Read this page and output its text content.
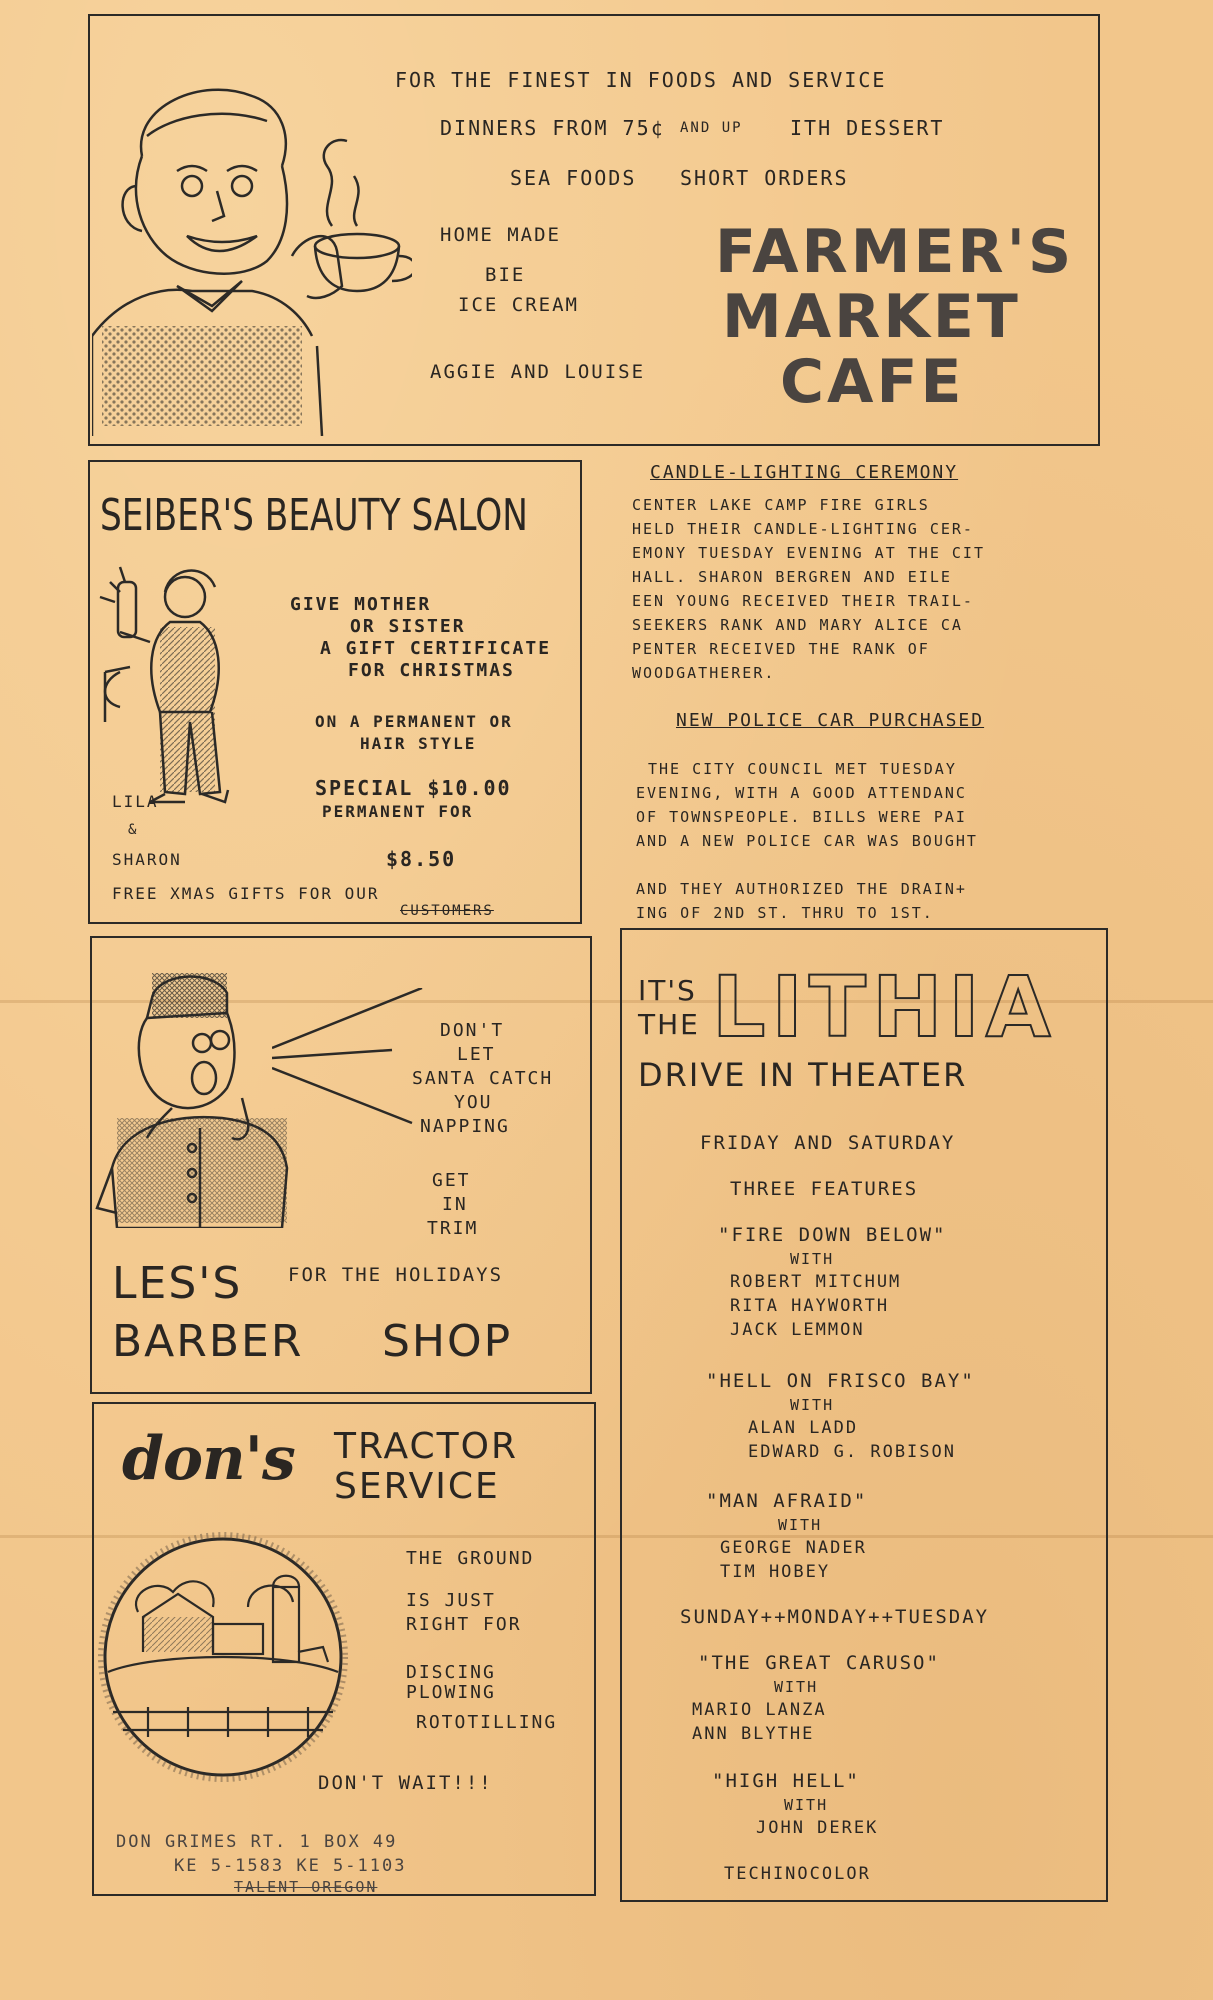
FOR THE FINEST IN FOODS AND SERVICE
DINNERS FROM 75¢ AND UP ITH DESSERT
SEA FOODS SHORT ORDERS
HOME MADE
BIE
ICE CREAM
AGGIE AND LOUISE
FARMER'S
MARKET
CAFE
SEIBER'S BEAUTY SALON
GIVE MOTHER
OR SISTER
A GIFT CERTIFICATE
FOR CHRISTMAS
ON A PERMANENT OR
HAIR STYLE
SPECIAL $10.00
PERMANENT FOR
$8.50
LILA
&
SHARON
FREE XMAS GIFTS FOR OUR
CUSTOMERS
CANDLE-LIGHTING CEREMONY
CENTER LAKE CAMP FIRE GIRLS
HELD THEIR CANDLE-LIGHTING CER-
EMONY TUESDAY EVENING AT THE CIT
HALL. SHARON BERGREN AND EILE
EEN YOUNG RECEIVED THEIR TRAIL-
SEEKERS RANK AND MARY ALICE CA
PENTER RECEIVED THE RANK OF
WOODGATHERER.
NEW POLICE CAR PURCHASED
THE CITY COUNCIL MET TUESDAY
EVENING, WITH A GOOD ATTENDANC
OF TOWNSPEOPLE. BILLS WERE PAI
AND A NEW POLICE CAR WAS BOUGHT
AND THEY AUTHORIZED THE DRAIN+
ING OF 2ND ST. THRU TO 1ST.
DON'T
LET
SANTA CATCH
YOU
NAPPING
GET
IN
TRIM
FOR THE HOLIDAYS
LES'S
BARBER SHOP
don's TRACTOR
SERVICE
THE GROUND
IS JUST
RIGHT FOR
DISCING
PLOWING
ROTOTILLING
DON'T WAIT!!!
DON GRIMES RT. 1 BOX 49
KE 5-1583 KE 5-1103
TALENT OREGON
IT'S
THE LITHIA
DRIVE IN THEATER
FRIDAY AND SATURDAY
THREE FEATURES
"FIRE DOWN BELOW"
WITH
ROBERT MITCHUM
RITA HAYWORTH
JACK LEMMON
"HELL ON FRISCO BAY"
WITH
ALAN LADD
EDWARD G. ROBISON
"MAN AFRAID"
WITH
GEORGE NADER
TIM HOBEY
SUNDAY++MONDAY++TUESDAY
"THE GREAT CARUSO"
WITH
MARIO LANZA
ANN BLYTHE
"HIGH HELL"
WITH
JOHN DEREK
TECHINOCOLOR
